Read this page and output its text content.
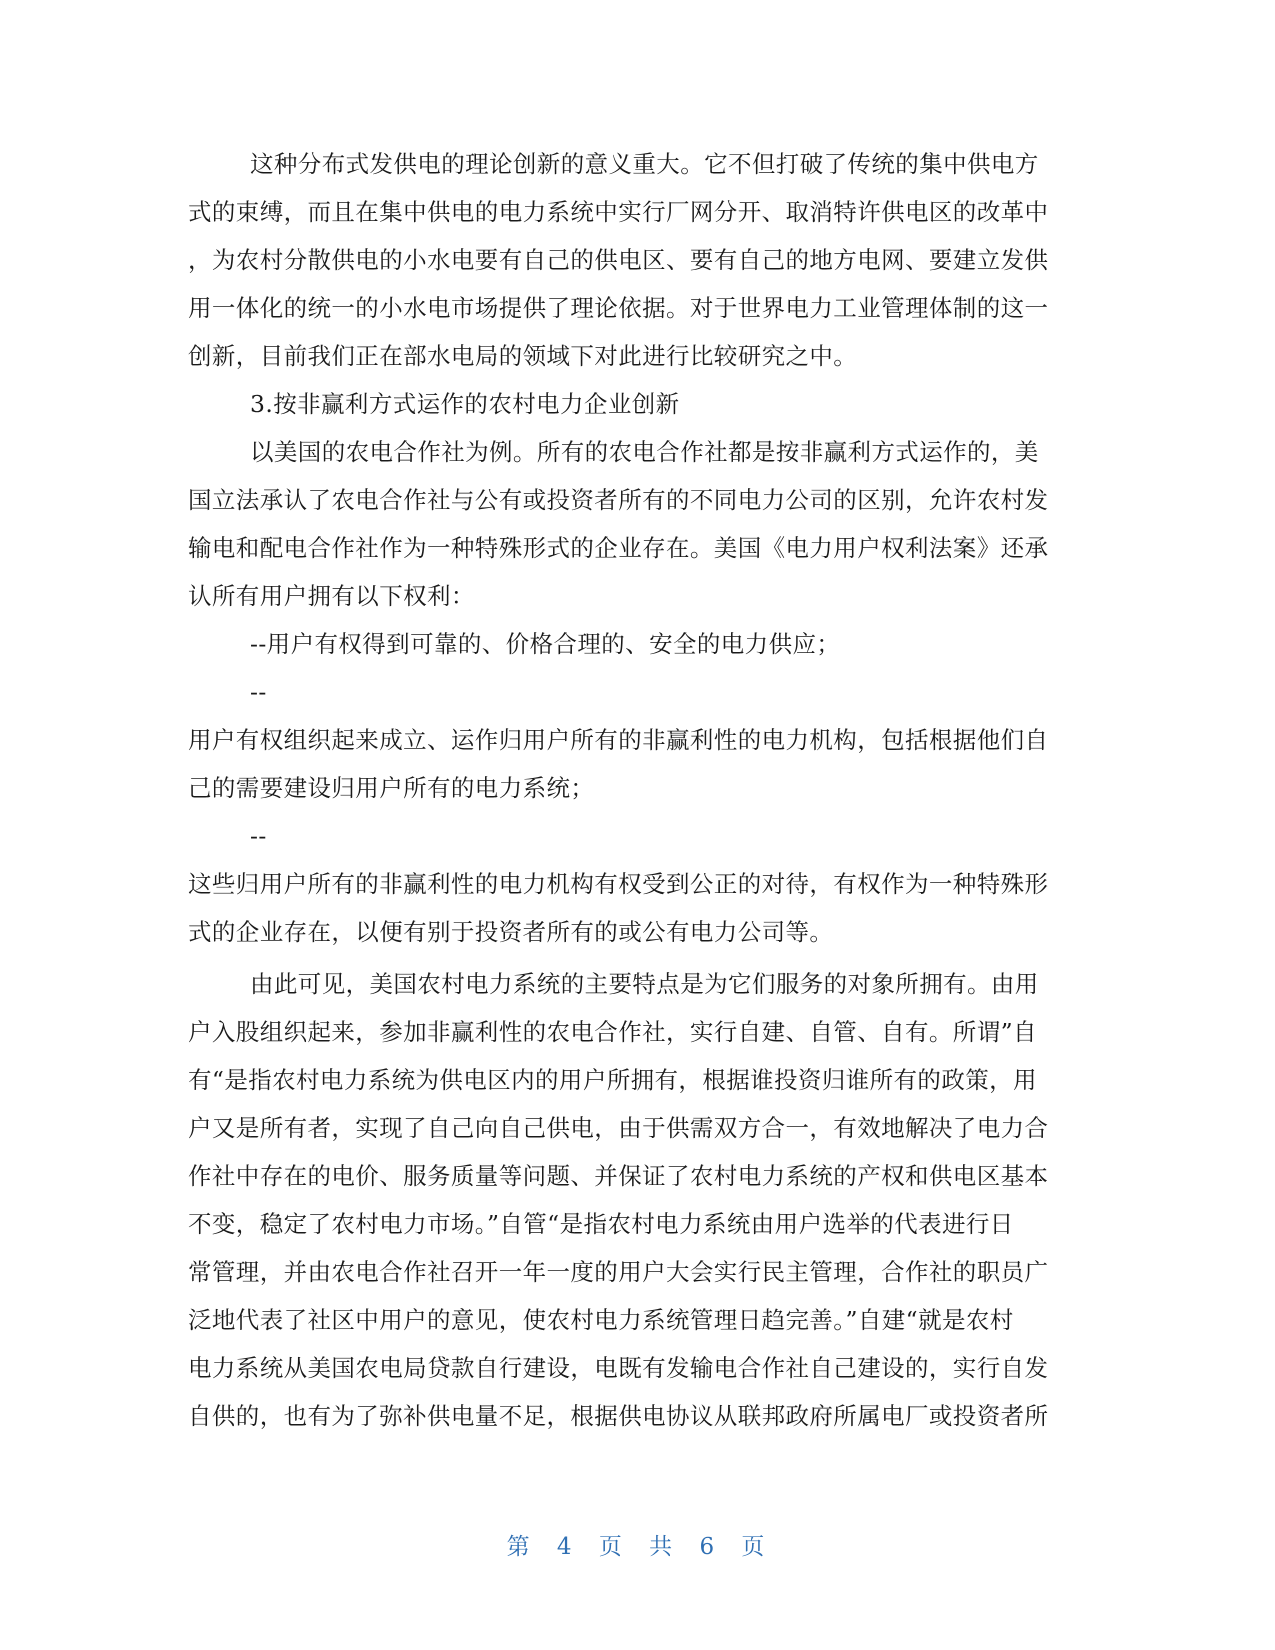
这种分布式发供电的理论创新的意义重大。它不但打破了传统的集中供电方
式的束缚，而且在集中供电的电力系统中实行厂网分开、取消特许供电区的改革中
，为农村分散供电的小水电要有自己的供电区、要有自己的地方电网、要建立发供
用一体化的统一的小水电市场提供了理论依据。对于世界电力工业管理体制的这一
创新，目前我们正在部水电局的领域下对此进行比较研究之中。
3.按非赢利方式运作的农村电力企业创新
以美国的农电合作社为例。所有的农电合作社都是按非赢利方式运作的，美
国立法承认了农电合作社与公有或投资者所有的不同电力公司的区别，允许农村发
输电和配电合作社作为一种特殊形式的企业存在。美国《电力用户权利法案》还承
认所有用户拥有以下权利：
--用户有权得到可靠的、价格合理的、安全的电力供应；
--
用户有权组织起来成立、运作归用户所有的非赢利性的电力机构，包括根据他们自
己的需要建设归用户所有的电力系统；
--
这些归用户所有的非赢利性的电力机构有权受到公正的对待，有权作为一种特殊形
式的企业存在，以便有别于投资者所有的或公有电力公司等。
由此可见，美国农村电力系统的主要特点是为它们服务的对象所拥有。由用
户入股组织起来，参加非赢利性的农电合作社，实行自建、自管、自有。所谓”自
有“是指农村电力系统为供电区内的用户所拥有，根据谁投资归谁所有的政策，用
户又是所有者，实现了自己向自己供电，由于供需双方合一，有效地解决了电力合
作社中存在的电价、服务质量等问题、并保证了农村电力系统的产权和供电区基本
不变，稳定了农村电力市场。”自管“是指农村电力系统由用户选举的代表进行日
常管理，并由农电合作社召开一年一度的用户大会实行民主管理，合作社的职员广
泛地代表了社区中用户的意见，使农村电力系统管理日趋完善。”自建“就是农村
电力系统从美国农电局贷款自行建设，电既有发输电合作社自己建设的，实行自发
自供的，也有为了弥补供电量不足，根据供电协议从联邦政府所属电厂或投资者所
第 4 页 共 6 页
